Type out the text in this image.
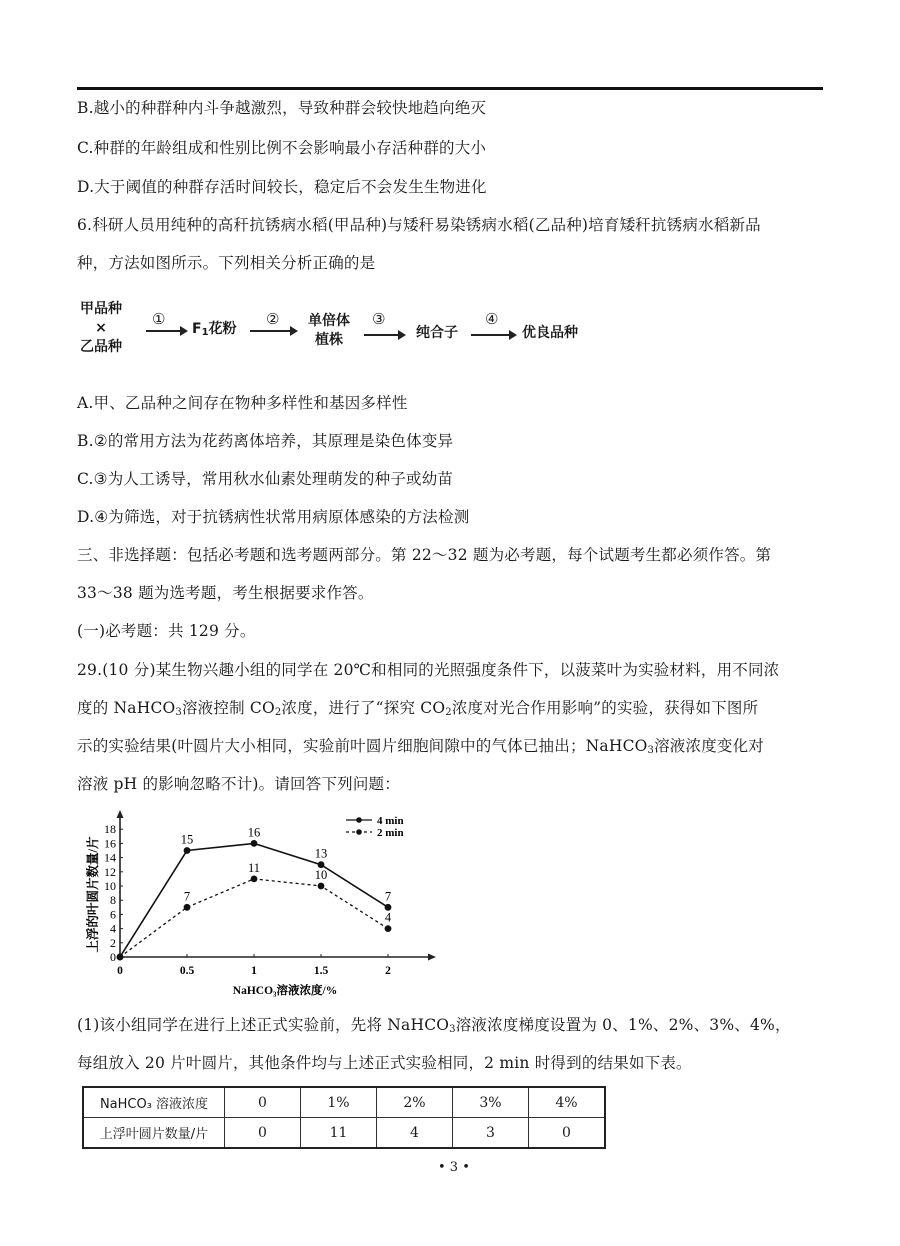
B.越小的种群种内斗争越激烈，导致种群会较快地趋向绝灭
C.种群的年龄组成和性别比例不会影响最小存活种群的大小
D.大于阈值的种群存活时间较长，稳定后不会发生生物进化
6.科研人员用纯种的高秆抗锈病水稻(甲品种)与矮秆易染锈病水稻(乙品种)培育矮秆抗锈病水稻新品
种，方法如图所示。下列相关分析正确的是
甲品种
×
乙品种
①
$F_1$花粉
② 单倍体
植株
③
纯合子
④
优良品种
A.甲、乙品种之间存在物种多样性和基因多样性
B.②的常用方法为花药离体培养，其原理是染色体变异
C.③为人工诱导，常用秋水仙素处理萌发的种子或幼苗
D.④为筛选，对于抗锈病性状常用病原体感染的方法检测
三、非选择题：包括必考题和选考题两部分。第 22～32 题为必考题，每个试题考生都必须作答。第
33～38 题为选考题，考生根据要求作答。
(一)必考题：共 129 分。
29.(10 分)某生物兴趣小组的同学在 20℃和相同的光照强度条件下，以菠菜叶为实验材料，用不同浓
度的 NaHCO$_3$溶液控制 $CO_2$浓度，进行了“探究 $CO_2$浓度对光合作用影响”的实验，获得如下图所
示的实验结果(叶圆片大小相同，实验前叶圆片细胞间隙中的气体已抽出；NaHCO$_3$溶液浓度变化对
溶液 pH 的影响忽略不计)。请回答下列问题：
0
2
4
6
8
10
12
14
16
18
0	0.5	1	1.5	2
NaHCO₃溶液浓度/%
上浮的叶圆片数量/片	15
16
13
7
7
11
10
4
4 min
2 min
(1)该小组同学在进行上述正式实验前，先将 NaHCO$_3$溶液浓度梯度设置为 0、1%、2%、3%、4%，
每组放入 20 片叶圆片，其他条件均与上述正式实验相同，2 min 时得到的结果如下表。
NaHCO₃ 溶液浓度	0	1%	2%	3%	4%
上浮叶圆片数量/片	0	11	4	3	0
• 3 •
